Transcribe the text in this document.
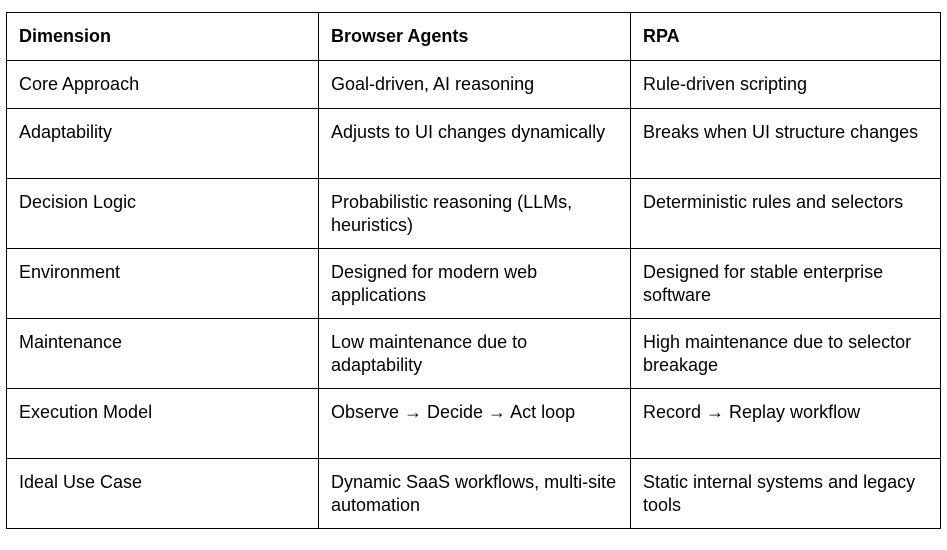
Dimension	Browser Agents	RPA
Core Approach	Goal-driven, AI reasoning	Rule-driven scripting
Adaptability	Adjusts to UI changes dynamically	Breaks when UI structure changes
Decision Logic	Probabilistic reasoning (LLMs, heuristics)	Deterministic rules and selectors
Environment	Designed for modern web applications	Designed for stable enterprise software
Maintenance	Low maintenance due to adaptability	High maintenance due to selector breakage
Execution Model	Observe → Decide → Act loop	Record → Replay workflow
Ideal Use Case	Dynamic SaaS workflows, multi-site automation	Static internal systems and legacy tools
